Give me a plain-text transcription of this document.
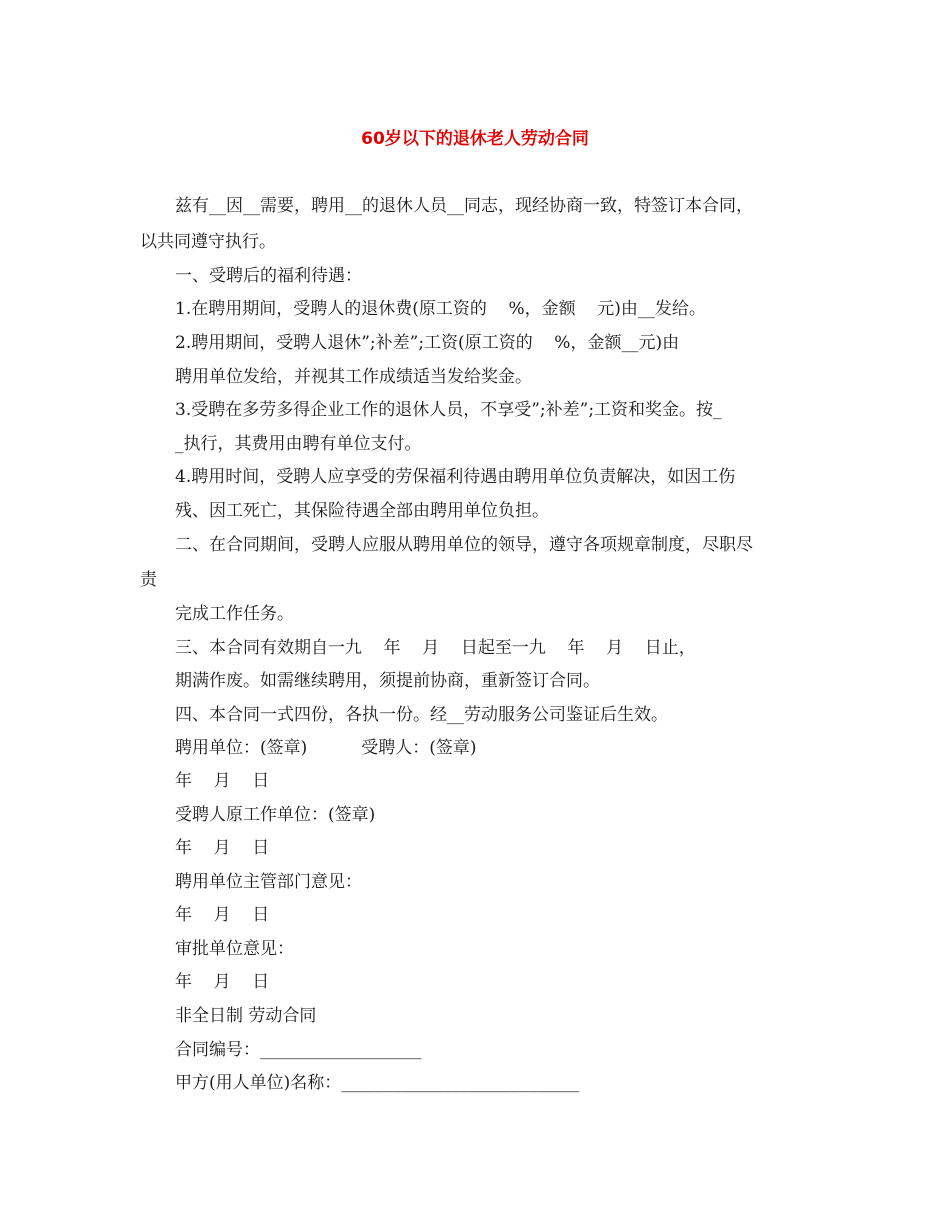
60岁以下的退休老人劳动合同
兹有__因__需要，聘用__的退休人员__同志，现经协商一致，特签订本合同，
以共同遵守执行。
一、受聘后的福利待遇：
1.在聘用期间，受聘人的退休费(原工资的    %，金额    元)由__发给。
2.聘用期间，受聘人退休”;补差”;工资(原工资的    %，金额__元)由
聘用单位发给，并视其工作成绩适当发给奖金。
3.受聘在多劳多得企业工作的退休人员，不享受”;补差”;工资和奖金。按_
_执行，其费用由聘有单位支付。
4.聘用时间，受聘人应享受的劳保福利待遇由聘用单位负责解决，如因工伤
残、因工死亡，其保险待遇全部由聘用单位负担。
二、在合同期间，受聘人应服从聘用单位的领导，遵守各项规章制度，尽职尽
责
完成工作任务。
三、本合同有效期自一九    年    月    日起至一九    年    月    日止，
期满作废。如需继续聘用，须提前协商，重新签订合同。
四、本合同一式四份，各执一份。经__劳动服务公司鉴证后生效。
聘用单位：(签章)          受聘人：(签章)
年    月    日
受聘人原工作单位：(签章)
年    月    日
聘用单位主管部门意见：
年    月    日
审批单位意见：
年    月    日
非全日制 劳动合同
合同编号：___________________
甲方(用人单位)名称：____________________________
